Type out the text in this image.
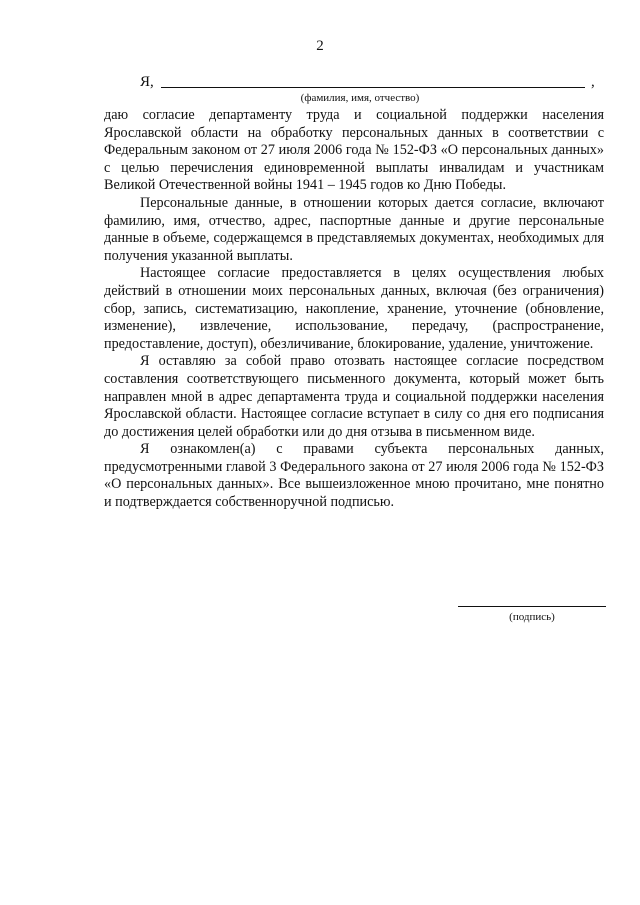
2
Я,	,
(фамилия, имя, отчество)

даю согласие департаменту труда и социальной поддержки населения Ярославской области на обработку персональных данных в соответствии с Федеральным законом от 27 июля 2006 года № 152-ФЗ «О персональных данных» с целью перечисления единовременной выплаты инвалидам и участникам Великой Отечественной войны 1941 – 1945 годов ко Дню Победы.

Персональные данные, в отношении которых дается согласие, включают фамилию, имя, отчество, адрес, паспортные данные и другие персональные данные в объеме, содержащемся в представляемых документах, необходимых для получения указанной выплаты.

Настоящее согласие предоставляется в целях осуществления любых действий в отношении моих персональных данных, включая (без ограничения) сбор, запись, систематизацию, накопление, хранение, уточнение (обновление, изменение), извлечение, использование, передачу, (распространение, предоставление, доступ), обезличивание, блокирование, удаление, уничтожение.

Я оставляю за собой право отозвать настоящее согласие посредством составления соответствующего письменного документа, который может быть направлен мной в адрес департамента труда и социальной поддержки населения Ярославской области. Настоящее согласие вступает в силу со дня его подписания до достижения целей обработки или до дня отзыва в письменном виде.

Я ознакомлен(а) с правами субъекта персональных данных, предусмотренными главой 3 Федерального закона от 27 июля 2006 года № 152-ФЗ «О персональных данных». Все вышеизложенное мною прочитано, мне понятно и подтверждается собственноручной подписью.

(подпись)
